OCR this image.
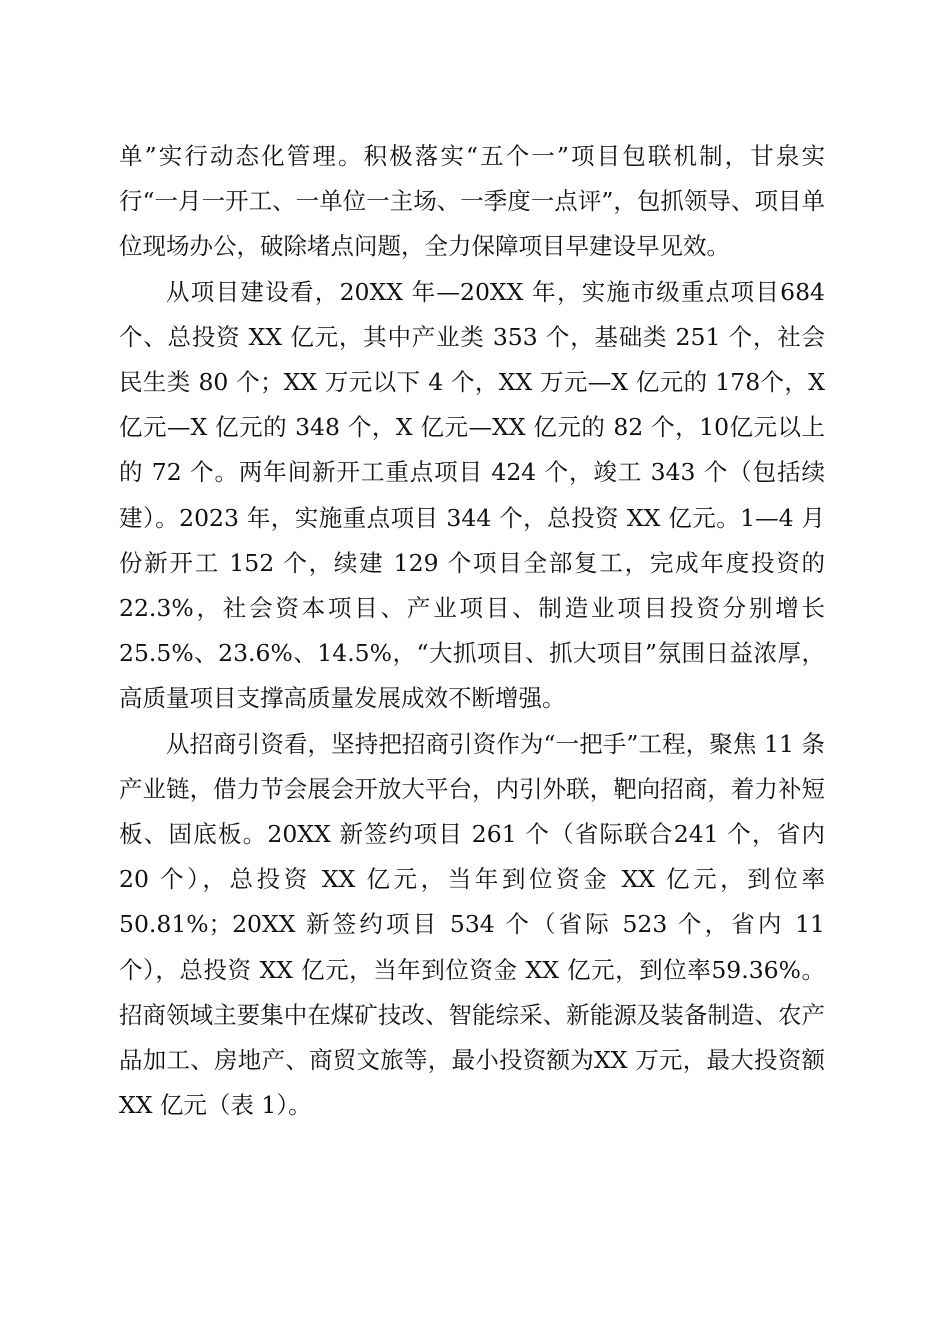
单”实行动态化管理。积极落实“五个一”项目包联机制，甘泉实行“一月一开工、一单位一主场、一季度一点评”，包抓领导、项目单位现场办公，破除堵点问题，全力保障项目早建设早见效。

从项目建设看，20XX 年—20XX 年，实施市级重点项目684 个、总投资 XX 亿元，其中产业类 353 个，基础类 251 个，社会民生类 80 个；XX 万元以下 4 个，XX 万元—X 亿元的 178个，X 亿元—X 亿元的 348 个，X 亿元—XX 亿元的 82 个，10亿元以上的 72 个。两年间新开工重点项目 424 个，竣工 343 个（包括续建）。2023 年，实施重点项目 344 个，总投资 XX 亿元。1—4 月份新开工 152 个，续建 129 个项目全部复工，完成年度投资的 22.3%，社会资本项目、产业项目、制造业项目投资分别增长 25.5%、23.6%、14.5%，“大抓项目、抓大项目”氛围日益浓厚，高质量项目支撑高质量发展成效不断增强。

从招商引资看，坚持把招商引资作为“一把手”工程，聚焦 11 条产业链，借力节会展会开放大平台，内引外联，靶向招商，着力补短板、固底板。20XX 新签约项目 261 个（省际联合241 个，省内 20 个），总投资 XX 亿元，当年到位资金 XX 亿元，到位率 50.81%；20XX 新签约项目 534 个（省际 523 个，省内 11 个），总投资 XX 亿元，当年到位资金 XX 亿元，到位率59.36%。招商领域主要集中在煤矿技改、智能综采、新能源及装备制造、农产品加工、房地产、商贸文旅等，最小投资额为XX 万元，最大投资额 XX 亿元（表 1）。
